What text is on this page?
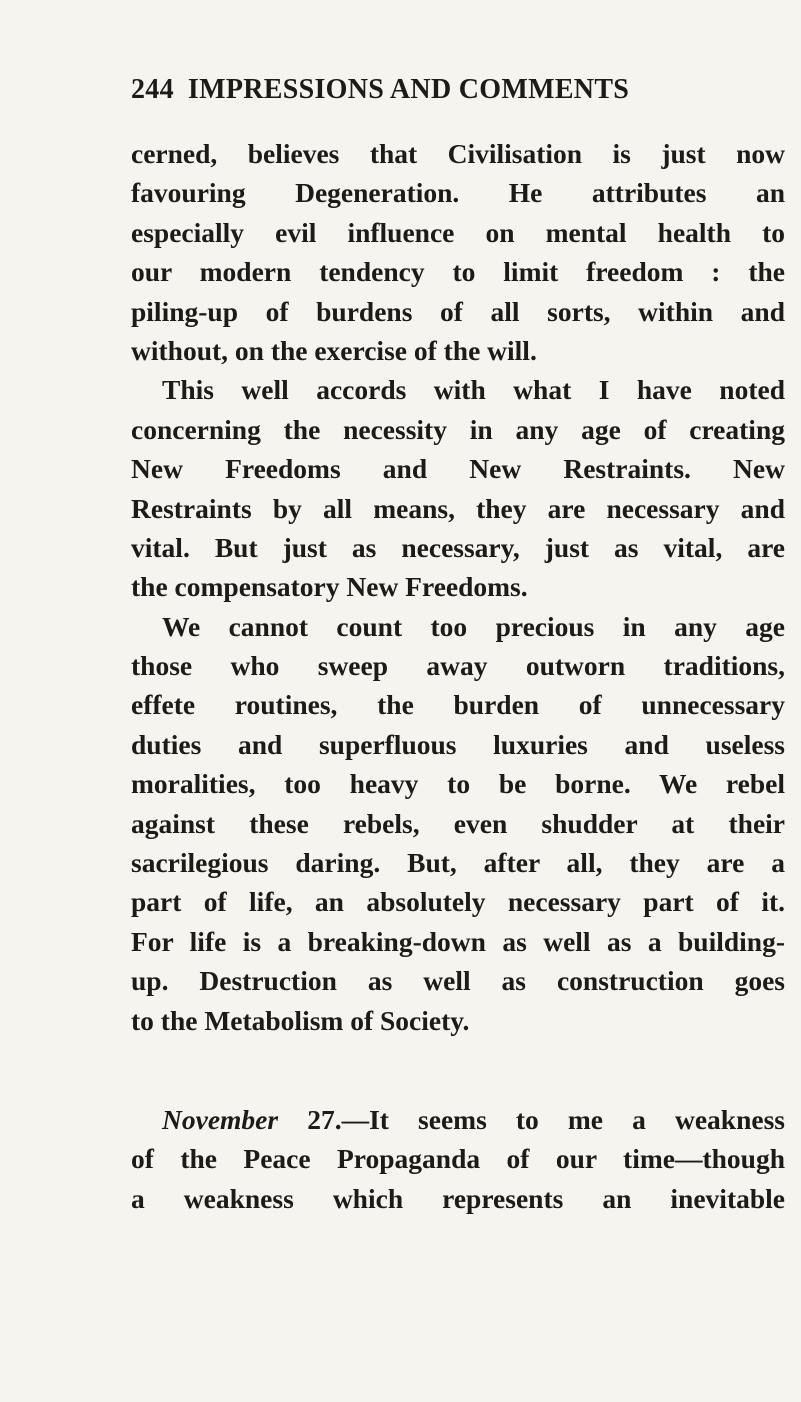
244 IMPRESSIONS AND COMMENTS
cerned, believes that Civilisation is just now
favouring Degeneration. He attributes an
especially evil influence on mental health to
our modern tendency to limit freedom : the
piling-up of burdens of all sorts, within and
without, on the exercise of the will.
This well accords with what I have noted
concerning the necessity in any age of creating
New Freedoms and New Restraints. New
Restraints by all means, they are necessary and
vital. But just as necessary, just as vital, are
the compensatory New Freedoms.
We cannot count too precious in any age
those who sweep away outworn traditions,
effete routines, the burden of unnecessary
duties and superfluous luxuries and useless
moralities, too heavy to be borne. We rebel
against these rebels, even shudder at their
sacrilegious daring. But, after all, they are a
part of life, an absolutely necessary part of it.
For life is a breaking-down as well as a building-
up. Destruction as well as construction goes
to the Metabolism of Society.
November 27.—It seems to me a weakness
of the Peace Propaganda of our time—though
a weakness which represents an inevitable
